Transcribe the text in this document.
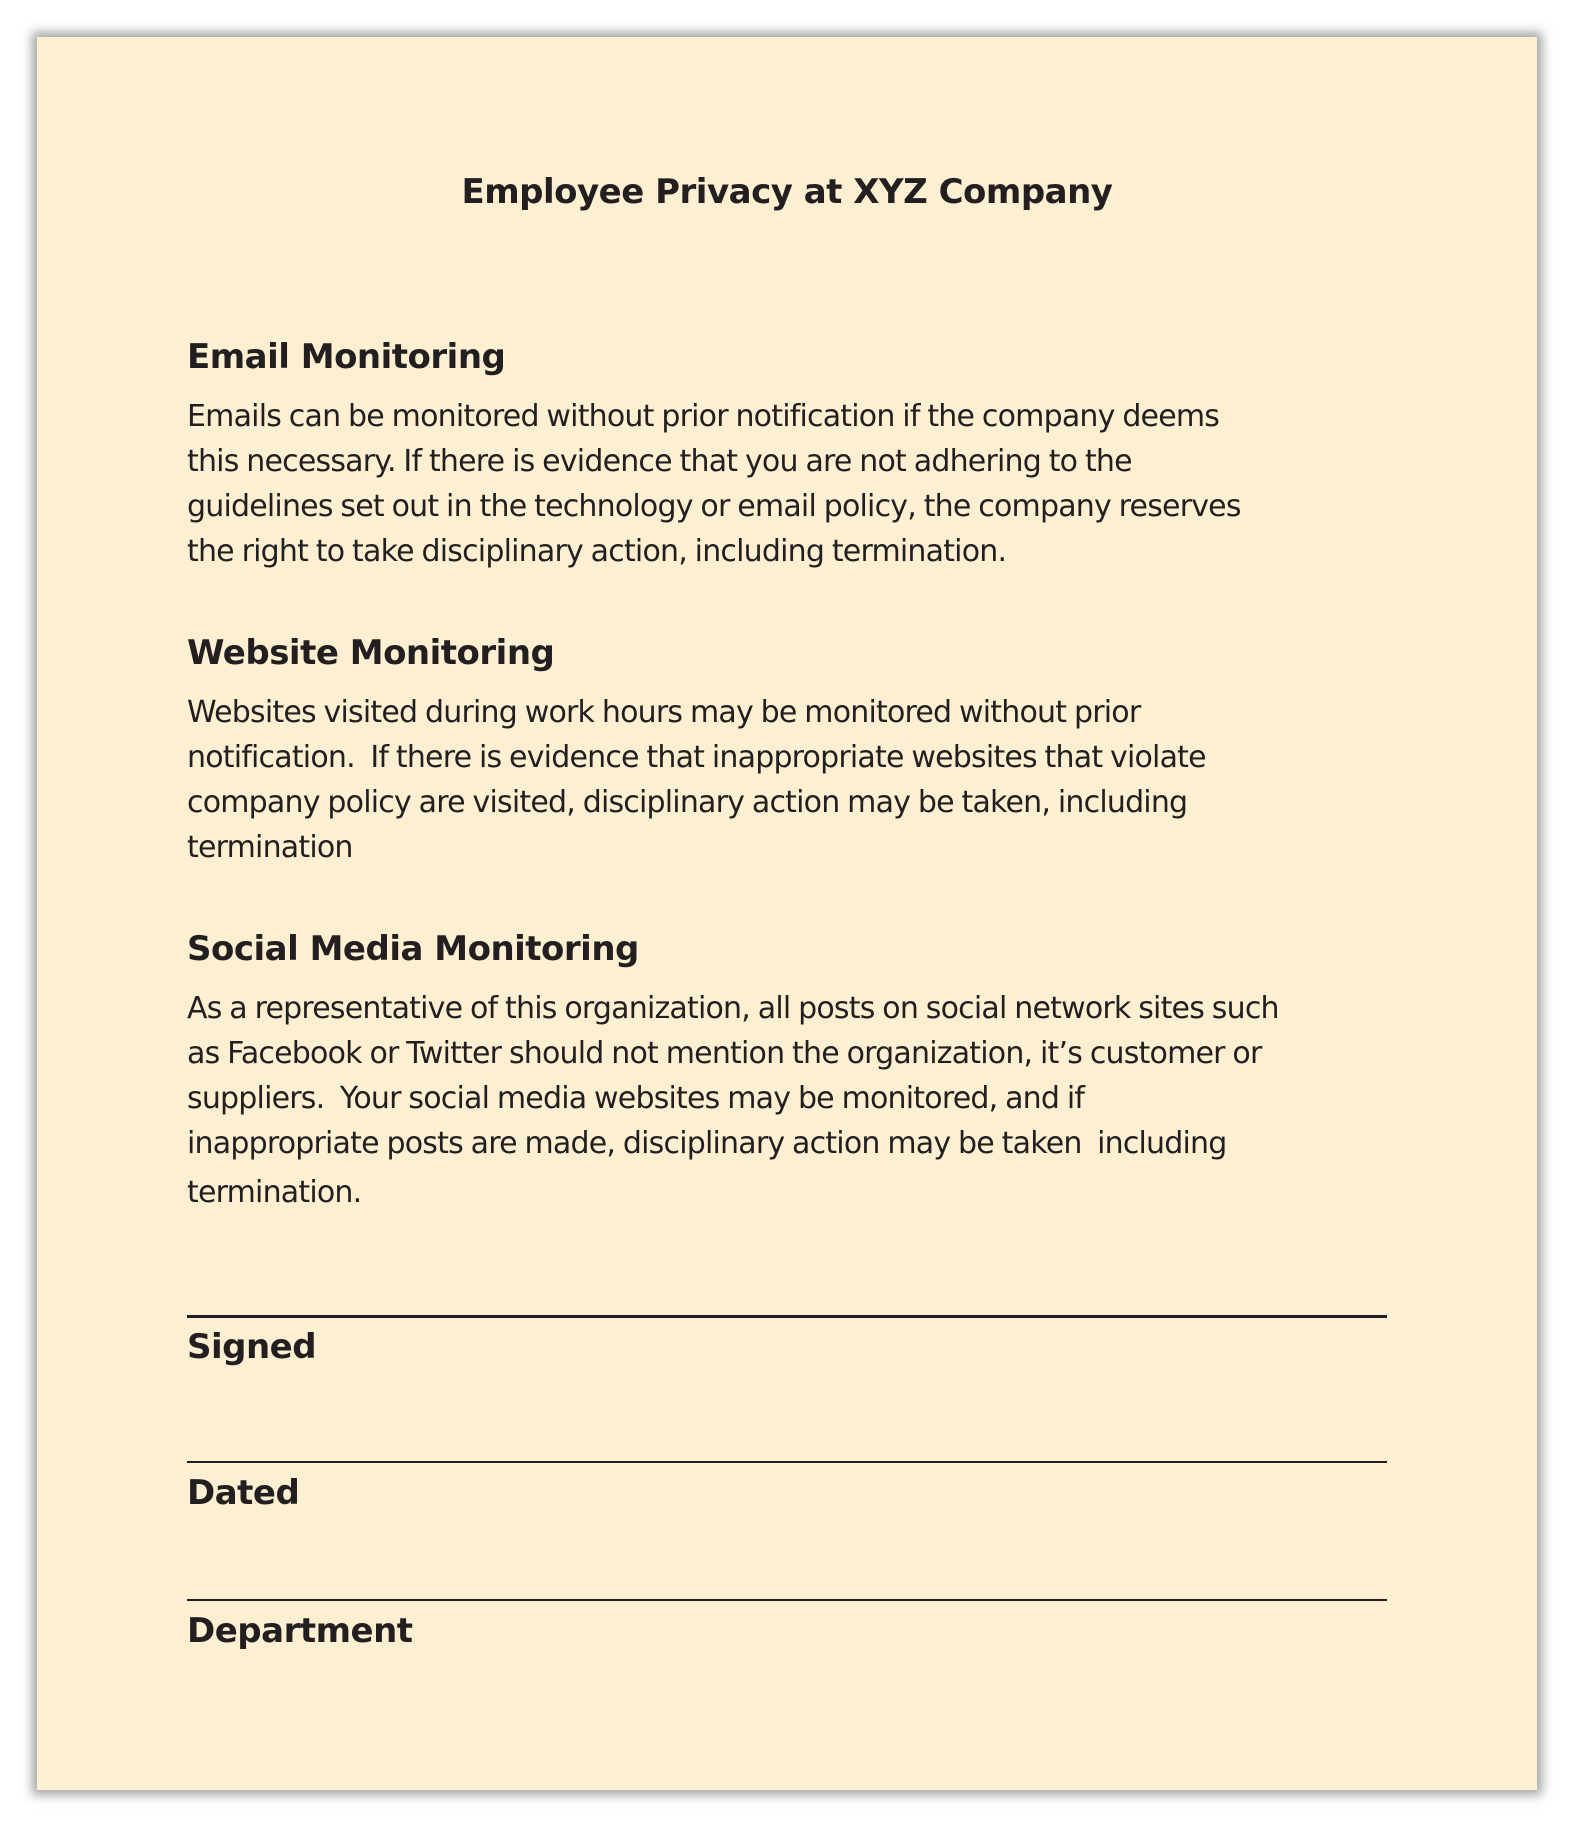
Employee Privacy at XYZ Company
Email Monitoring

Emails can be monitored without prior notification if the company deems
this necessary. If there is evidence that you are not adhering to the
guidelines set out in the technology or email policy, the company reserves
the right to take disciplinary action, including termination.

Website Monitoring

Websites visited during work hours may be monitored without prior
notification.  If there is evidence that inappropriate websites that violate
company policy are visited, disciplinary action may be taken, including
termination

Social Media Monitoring

As a representative of this organization, all posts on social network sites such
as Facebook or Twitter should not mention the organization, it’s customer or
suppliers.  Your social media websites may be monitored, and if
inappropriate posts are made, disciplinary action may be taken  including
termination.

Signed
Dated
Department
